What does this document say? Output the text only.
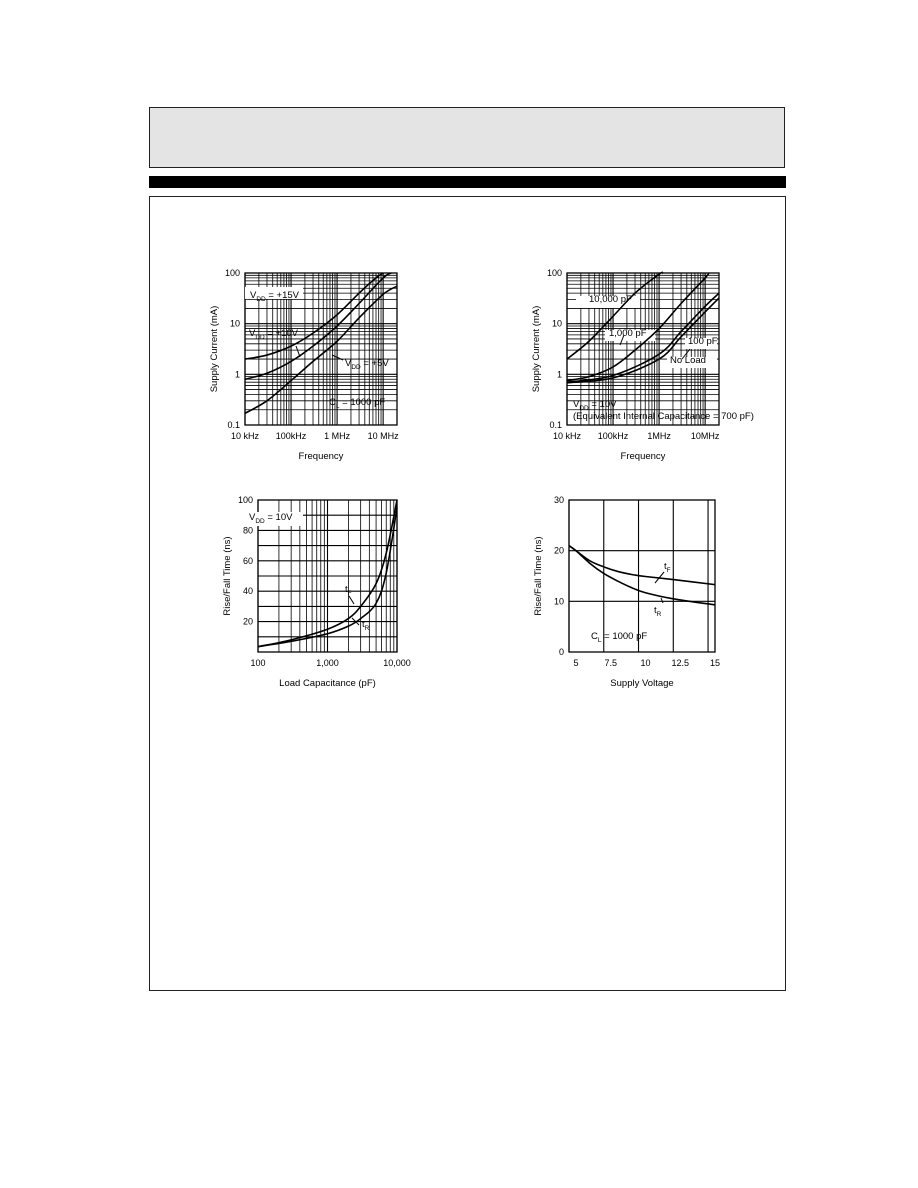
10 kHz 100kHz 1 MHz 10 MHz
0.1
1
10
100
Frequency
Supply Current (mA)
$V_{DD} = +15V$
$V_{DD} = +10V$
$V_{DD} = +5V$
$C_L = 1000$ pF
10 kHz 100kHz 1MHz 10MHz
0.1
1
10
100
Frequency
Supply Current (mA)
10,000 pF
1,000 pF
100 pF
No Load
$V_{DD} = 10V$
(Equivalent Internal Capacitance = 700 pF)
100	1,000	10,000
20
40
60
80
100
Load Capacitance (pF)
Rise/Fall Time (ns)
$V_{DD} = 10V$
$t_F$
$t_R$
5	7.5	10 12.5 15
0
10
20
30
Supply Voltage
Rise/Fall Time (ns)	$t_F$
$t_R$
$C_L = 1000$ pF
